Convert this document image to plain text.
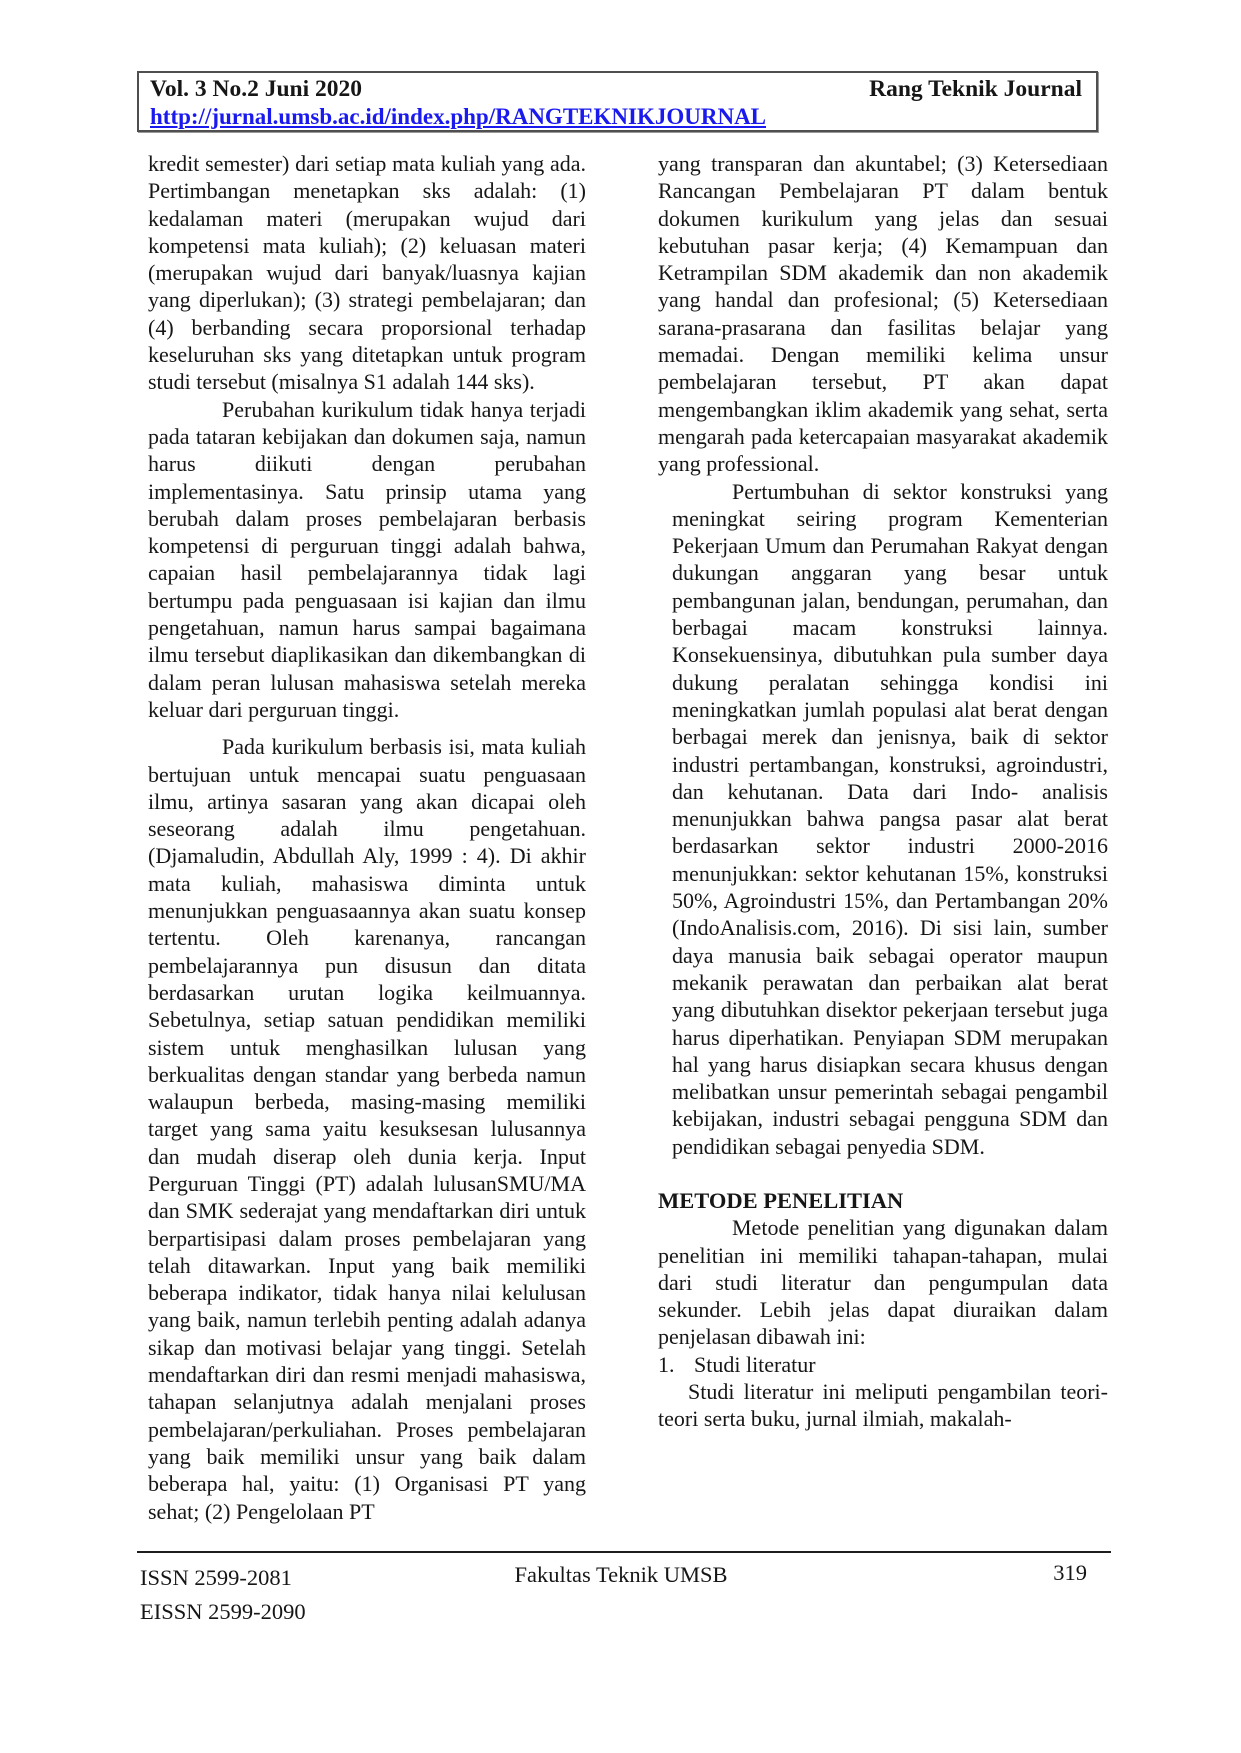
Vol. 3 No.2 Juni 2020	Rang Teknik Journal
http://jurnal.umsb.ac.id/index.php/RANGTEKNIKJOURNAL

kredit semester) dari setiap mata kuliah yang ada. Pertimbangan menetapkan sks adalah: (1) kedalaman materi (merupakan wujud dari kompetensi mata kuliah); (2) keluasan materi (merupakan wujud dari banyak/luasnya kajian yang diperlukan); (3) strategi pembelajaran; dan (4) berbanding secara proporsional terhadap keseluruhan sks yang ditetapkan untuk program studi tersebut (misalnya S1 adalah 144 sks).

Perubahan kurikulum tidak hanya terjadi pada tataran kebijakan dan dokumen saja, namun harus diikuti dengan perubahan implementasinya. Satu prinsip utama yang berubah dalam proses pembelajaran berbasis kompetensi di perguruan tinggi adalah bahwa, capaian hasil pembelajarannya tidak lagi bertumpu pada penguasaan isi kajian dan ilmu pengetahuan, namun harus sampai bagaimana ilmu tersebut diaplikasikan dan dikembangkan di dalam peran lulusan mahasiswa setelah mereka keluar dari perguruan tinggi.

Pada kurikulum berbasis isi, mata kuliah bertujuan untuk mencapai suatu penguasaan ilmu, artinya sasaran yang akan dicapai oleh seseorang adalah ilmu pengetahuan. (Djamaludin, Abdullah Aly, 1999 : 4). Di akhir mata kuliah, mahasiswa diminta untuk menunjukkan penguasaannya akan suatu konsep tertentu. Oleh karenanya, rancangan pembelajarannya pun disusun dan ditata berdasarkan urutan logika keilmuannya. Sebetulnya, setiap satuan pendidikan memiliki sistem untuk menghasilkan lulusan yang berkualitas dengan standar yang berbeda namun walaupun berbeda, masing-masing memiliki target yang sama yaitu kesuksesan lulusannya dan mudah diserap oleh dunia kerja. Input Perguruan Tinggi (PT) adalah lulusanSMU/MA dan SMK sederajat yang mendaftarkan diri untuk berpartisipasi dalam proses pembelajaran yang telah ditawarkan. Input yang baik memiliki beberapa indikator, tidak hanya nilai kelulusan yang baik, namun terlebih penting adalah adanya sikap dan motivasi belajar yang tinggi. Setelah mendaftarkan diri dan resmi menjadi mahasiswa, tahapan selanjutnya adalah menjalani proses pembelajaran/perkuliahan. Proses pembelajaran yang baik memiliki unsur yang baik dalam beberapa hal, yaitu: (1) Organisasi PT yang sehat; (2) Pengelolaan PT

yang transparan dan akuntabel; (3) Ketersediaan Rancangan Pembelajaran PT dalam bentuk dokumen kurikulum yang jelas dan sesuai kebutuhan pasar kerja; (4) Kemampuan dan Ketrampilan SDM akademik dan non akademik yang handal dan profesional; (5) Ketersediaan sarana-prasarana dan fasilitas belajar yang memadai. Dengan memiliki kelima unsur pembelajaran tersebut, PT akan dapat mengembangkan iklim akademik yang sehat, serta mengarah pada ketercapaian masyarakat akademik yang professional.

Pertumbuhan di sektor konstruksi yang meningkat seiring program Kementerian Pekerjaan Umum dan Perumahan Rakyat dengan dukungan anggaran yang besar untuk pembangunan jalan, bendungan, perumahan, dan berbagai macam konstruksi lainnya. Konsekuensinya, dibutuhkan pula sumber daya dukung peralatan sehingga kondisi ini meningkatkan jumlah populasi alat berat dengan berbagai merek dan jenisnya, baik di sektor industri pertambangan, konstruksi, agroindustri, dan kehutanan. Data dari Indo- analisis menunjukkan bahwa pangsa pasar alat berat berdasarkan sektor industri 2000-2016 menunjukkan: sektor kehutanan 15%, konstruksi 50%, Agroindustri 15%, dan Pertambangan 20% (IndoAnalisis.com, 2016). Di sisi lain, sumber daya manusia baik sebagai operator maupun mekanik perawatan dan perbaikan alat berat yang dibutuhkan disektor pekerjaan tersebut juga harus diperhatikan. Penyiapan SDM merupakan hal yang harus disiapkan secara khusus dengan melibatkan unsur pemerintah sebagai pengambil kebijakan, industri sebagai pengguna SDM dan pendidikan sebagai penyedia SDM.

METODE PENELITIAN

Metode penelitian yang digunakan dalam penelitian ini memiliki tahapan-tahapan, mulai dari studi literatur dan pengumpulan data sekunder. Lebih jelas dapat diuraikan dalam penjelasan dibawah ini:

1. Studi literatur

Studi literatur ini meliputi pengambilan teori-teori serta buku, jurnal ilmiah, makalah-

ISSN 2599-2081
EISSN 2599-2090
Fakultas Teknik UMSB	319
